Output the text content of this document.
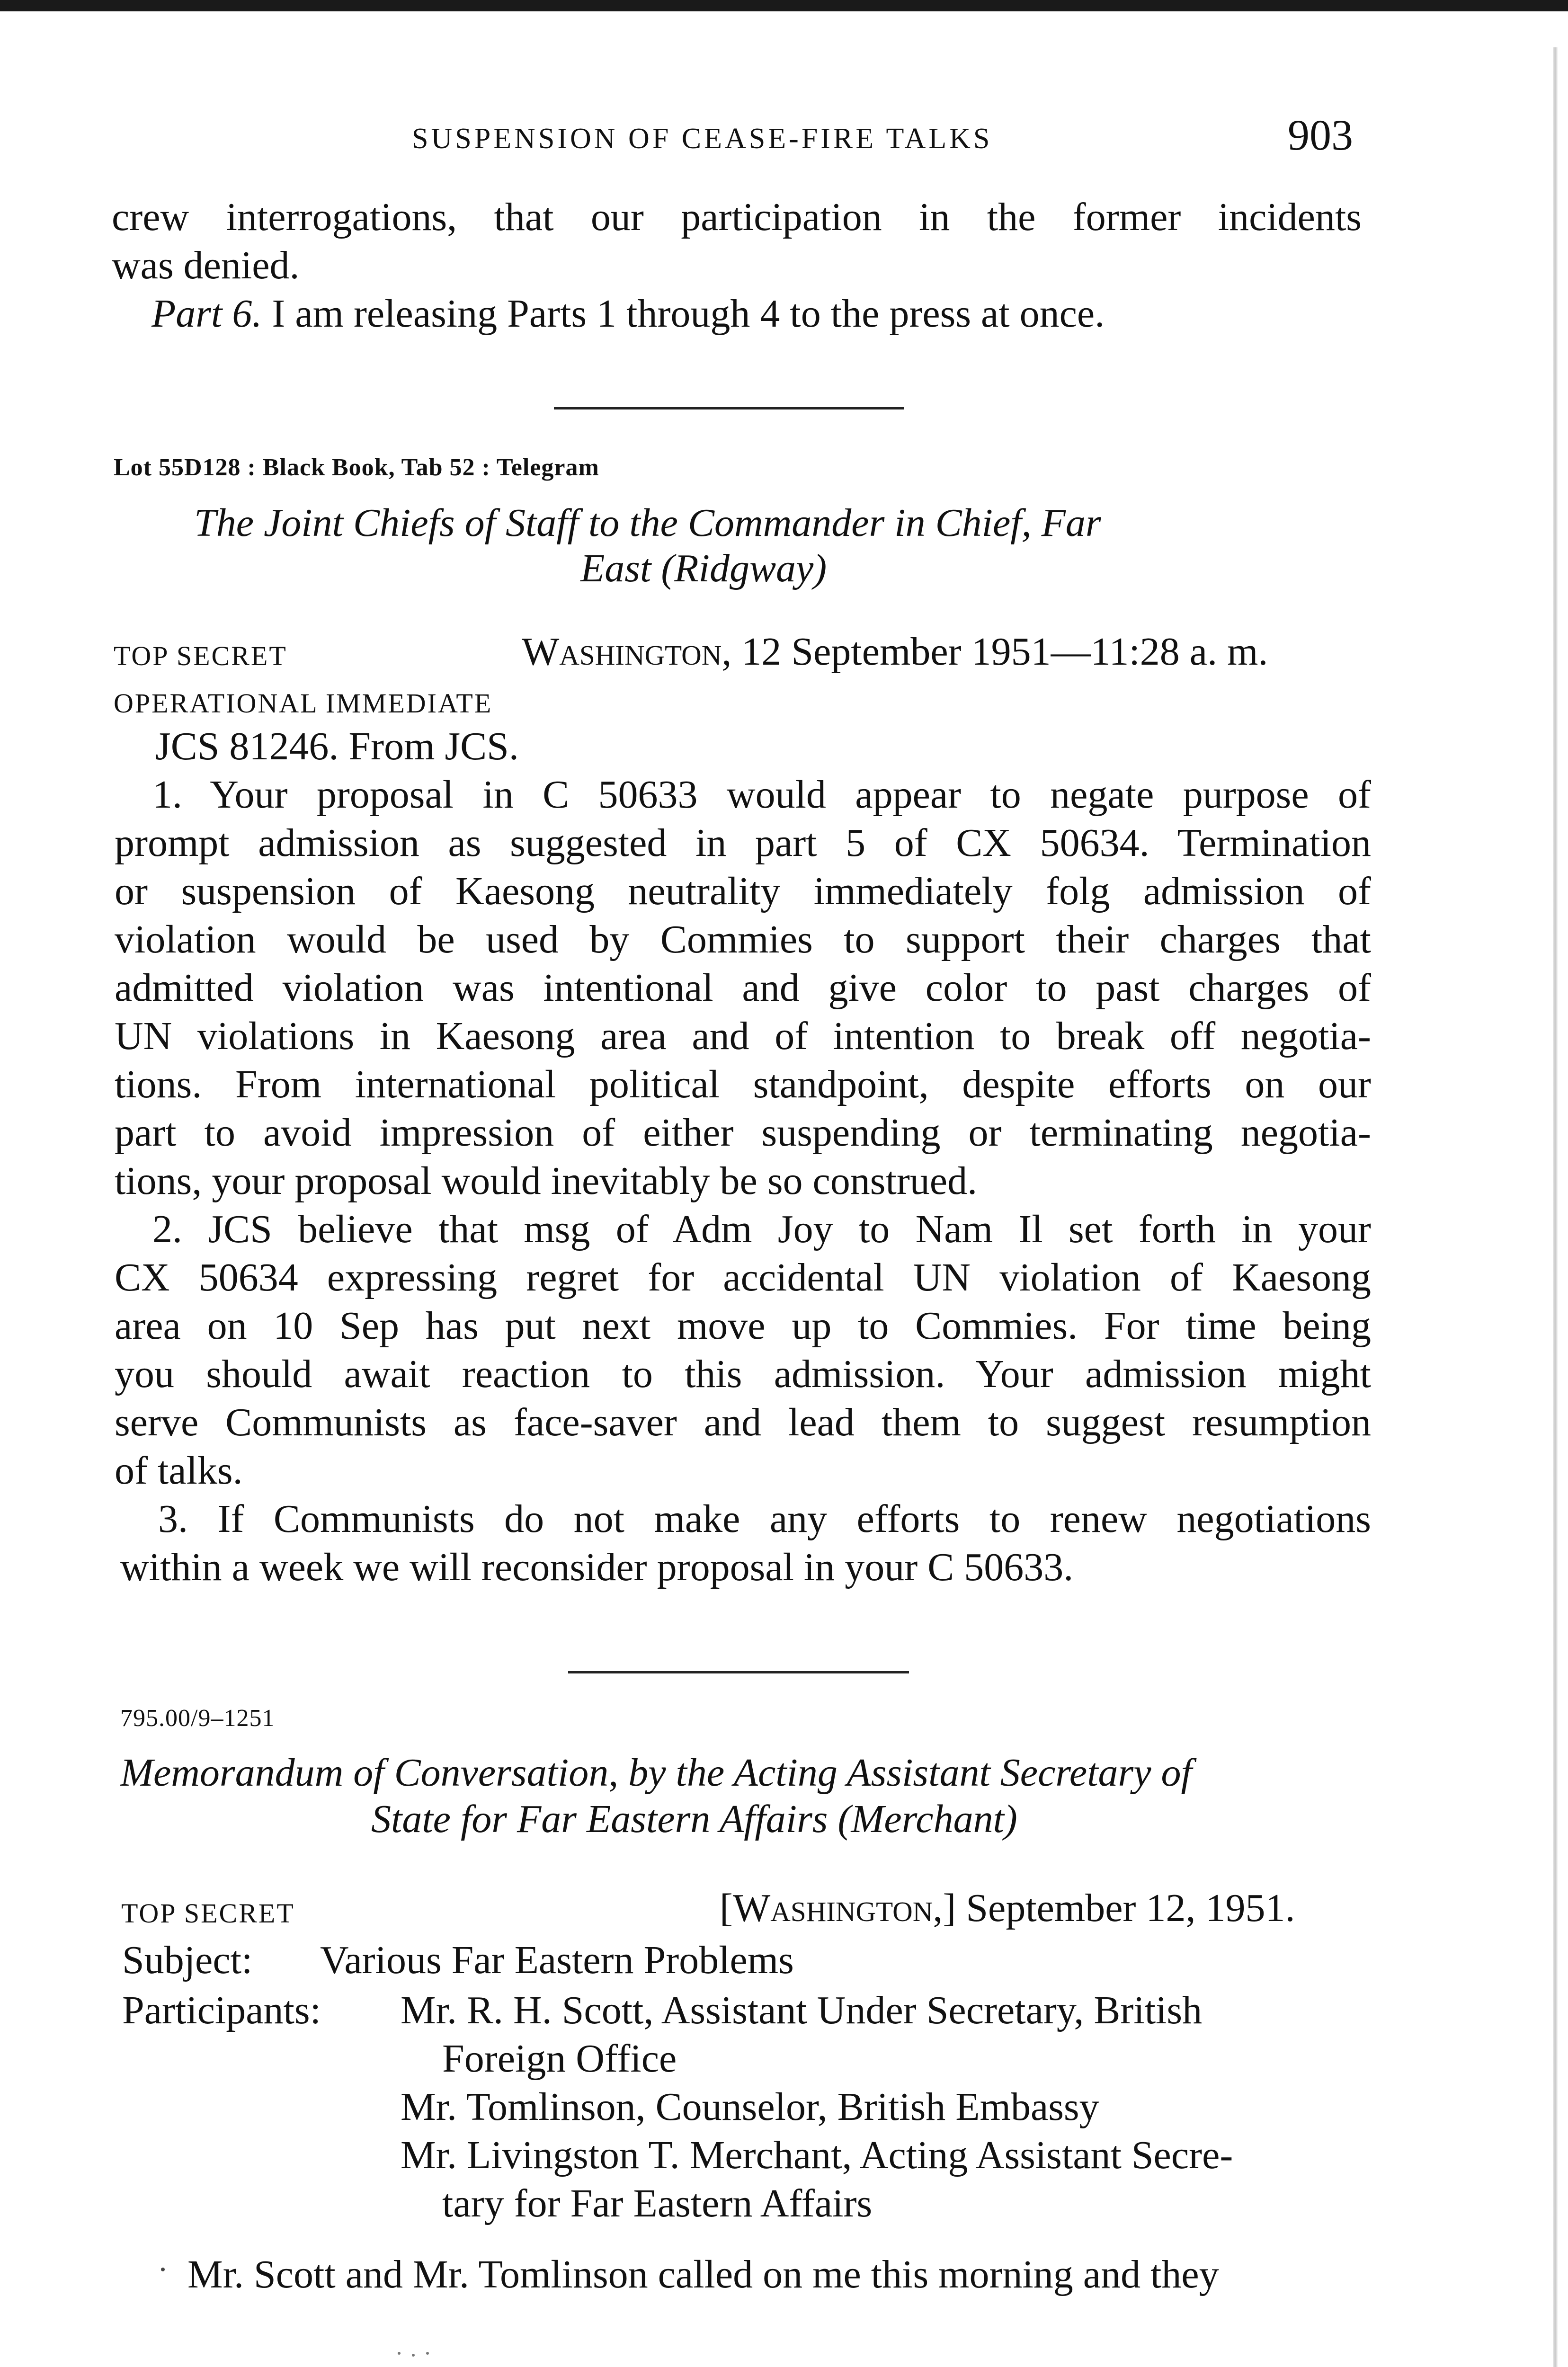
SUSPENSION OF CEASE-FIRE TALKS	903

crew interrogations, that our participation in the former incidents

was denied.

Part 6. I am releasing Parts 1 through 4 to the press at once.
Lot 55D128 : Black Book, Tab 52 : Telegram
The Joint Chiefs of Staff to the Commander in Chief, Far
East (Ridgway)
TOP SECRET	Washington, 12 September 1951—11:28 a. m.
OPERATIONAL IMMEDIATE
JCS 81246. From JCS.

1. Your proposal in C 50633 would appear to negate purpose of

prompt admission as suggested in part 5 of CX 50634. Termination

or suspension of Kaesong neutrality immediately folg admission of

violation would be used by Commies to support their charges that

admitted violation was intentional and give color to past charges of

UN violations in Kaesong area and of intention to break off negotia-

tions. From international political standpoint, despite efforts on our

part to avoid impression of either suspending or terminating negotia-

tions, your proposal would inevitably be so construed.

2. JCS believe that msg of Adm Joy to Nam Il set forth in your

CX 50634 expressing regret for accidental UN violation of Kaesong

area on 10 Sep has put next move up to Commies. For time being

you should await reaction to this admission. Your admission might

serve Communists as face-saver and lead them to suggest resumption

of talks.

3. If Communists do not make any efforts to renew negotiations

within a week we will reconsider proposal in your C 50633.

795.00/9–1251
Memorandum of Conversation, by the Acting Assistant Secretary of
State for Far Eastern Affairs (Merchant)
TOP SECRET	[Washington,] September 12, 1951.
Subject: Various Far Eastern Problems
Participants: Mr. R. H. Scott, Assistant Under Secretary, British
Foreign Office
Mr. Tomlinson, Counselor, British Embassy
Mr. Livingston T. Merchant, Acting Assistant Secre-
tary for Far Eastern Affairs
Mr. Scott and Mr. Tomlinson called on me this morning and they
